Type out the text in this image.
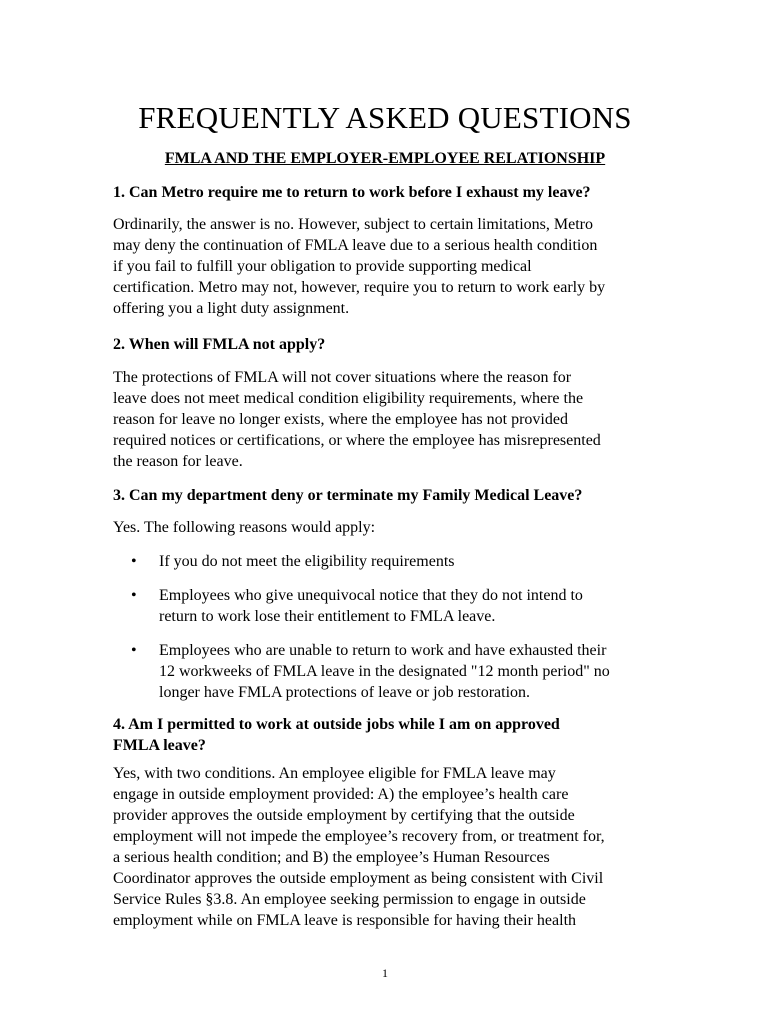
FREQUENTLY ASKED QUESTIONS
FMLA AND THE EMPLOYER-EMPLOYEE RELATIONSHIP
1. Can Metro require me to return to work before I exhaust my leave?
Ordinarily, the answer is no. However, subject to certain limitations, Metro
may deny the continuation of FMLA leave due to a serious health condition
if you fail to fulfill your obligation to provide supporting medical
certification. Metro may not, however, require you to return to work early by
offering you a light duty assignment.
2. When will FMLA not apply?
The protections of FMLA will not cover situations where the reason for
leave does not meet medical condition eligibility requirements, where the
reason for leave no longer exists, where the employee has not provided
required notices or certifications, or where the employee has misrepresented
the reason for leave.
3. Can my department deny or terminate my Family Medical Leave?
Yes. The following reasons would apply:
• If you do not meet the eligibility requirements
• Employees who give unequivocal notice that they do not intend to
return to work lose their entitlement to FMLA leave.
• Employees who are unable to return to work and have exhausted their
12 workweeks of FMLA leave in the designated "12 month period" no
longer have FMLA protections of leave or job restoration.
4. Am I permitted to work at outside jobs while I am on approved
FMLA leave?
Yes, with two conditions. An employee eligible for FMLA leave may
engage in outside employment provided: A) the employee’s health care
provider approves the outside employment by certifying that the outside
employment will not impede the employee’s recovery from, or treatment for,
a serious health condition; and B) the employee’s Human Resources
Coordinator approves the outside employment as being consistent with Civil
Service Rules §3.8. An employee seeking permission to engage in outside
employment while on FMLA leave is responsible for having their health
1
